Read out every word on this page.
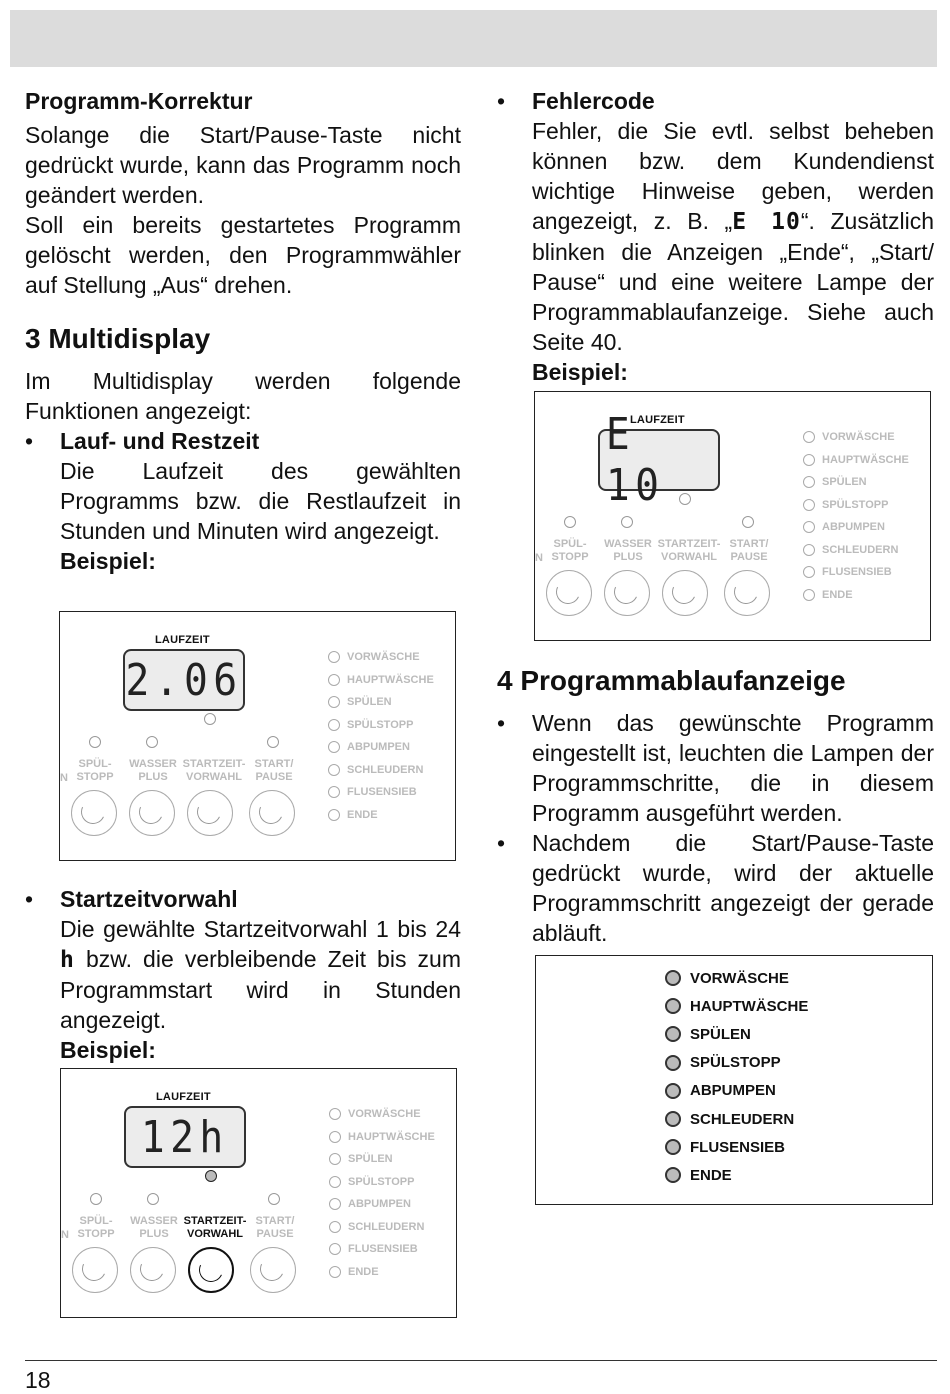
Programm-Korrektur

Solange die Start/Pause-Taste nicht gedrückt wurde, kann das Programm noch geändert werden.

Soll ein bereits gestartetes Programm gelöscht werden, den Programmwähler auf Stellung „Aus“ drehen.

3 Multidisplay

Im Multidisplay werden folgende Funktionen angezeigt:

• Lauf- und Restzeit

Die Laufzeit des gewählten Programms bzw. die Restlaufzeit in Stunden und Minuten wird angezeigt.

Beispiel:

LAUFZEIT
2.06
N
SPÜL-
STOPP
WASSER
PLUS
STARTZEIT-
VORWAHL
START/
PAUSE
VORWÄSCHE
HAUPTWÄSCHE
SPÜLEN
SPÜLSTOPP
ABPUMPEN
SCHLEUDERN
FLUSENSIEB
ENDE
• Startzeitvorwahl

Die gewählte Startzeitvorwahl 1 bis 24 h bzw. die verbleibende Zeit bis zum Programmstart wird in Stunden angezeigt.

Beispiel:

LAUFZEIT
12h
N
SPÜL-
STOPP
WASSER
PLUS
STARTZEIT-
VORWAHL
START/
PAUSE
VORWÄSCHE
HAUPTWÄSCHE
SPÜLEN
SPÜLSTOPP
ABPUMPEN
SCHLEUDERN
FLUSENSIEB
ENDE
• Fehlercode

Fehler, die Sie evtl. selbst beheben können bzw. dem Kundendienst wichtige Hinweise geben, werden angezeigt, z. B. „E 10“. Zusätzlich blinken die Anzeigen „Ende“, „Start/ Pause“ und eine weitere Lampe der Programmablaufanzeige. Siehe auch Seite 40.

Beispiel:

LAUFZEIT
E 10
N
SPÜL-
STOPP
WASSER
PLUS
STARTZEIT-
VORWAHL
START/
PAUSE
VORWÄSCHE
HAUPTWÄSCHE
SPÜLEN
SPÜLSTOPP
ABPUMPEN
SCHLEUDERN
FLUSENSIEB
ENDE
4 Programmablaufanzeige
• Wenn das gewünschte Programm eingestellt ist, leuchten die Lampen der Programmschritte, die in diesem Programm ausgeführt werden.

• Nachdem die Start/Pause-Taste gedrückt wurde, wird der aktuelle Programmschritt angezeigt der gerade abläuft.

VORWÄSCHE
HAUPTWÄSCHE
SPÜLEN
SPÜLSTOPP
ABPUMPEN
SCHLEUDERN
FLUSENSIEB
ENDE
18
